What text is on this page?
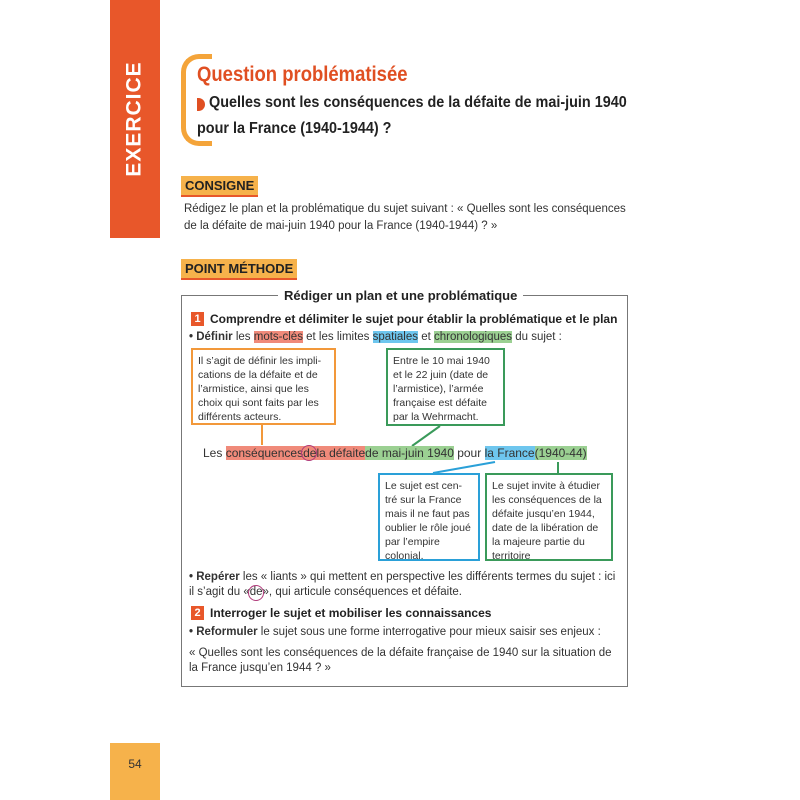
EXERCICE
54
Question problématisée
Quelles sont les conséquences de la défaite de mai-juin 1940
pour la France (1940-1944) ?
CONSIGNE
Rédigez le plan et la problématique du sujet suivant : « Quelles sont les conséquences
de la défaite de mai-juin 1940 pour la France (1940-1944) ? »
POINT MÉTHODE
Rédiger un plan et une problématique
1 Comprendre et délimiter le sujet pour établir la problématique et le plan
• Définir les mots-clés et les limites spatiales et chronologiques du sujet :
Il s’agit de définir les impli-cations de la défaite et de l’armistice, ainsi que les choix qui sont faits par les différents acteurs.
Entre le 10 mai 1940 et le 22 juin (date de l’armistice), l’armée française est défaite par la Wehrmacht.
Les conséquencesde
la défaitede mai-juin 1940 pour la France(1940-44)
Le sujet est cen-tré sur la France mais il ne faut pas oublier le rôle joué par l’empire colonial.
Le sujet invite à étudier les conséquences de la défaite jusqu’en 1944, date de la libération de la majeure partie du territoire
• Repérer les « liants » qui mettent en perspective les différents termes du sujet : ici
il s’agit du «de
», qui articule conséquences et défaite.
2 Interroger le sujet et mobiliser les connaissances
• Reformuler le sujet sous une forme interrogative pour mieux saisir ses enjeux :
« Quelles sont les conséquences de la défaite française de 1940 sur la situation de
la France jusqu’en 1944 ? »
